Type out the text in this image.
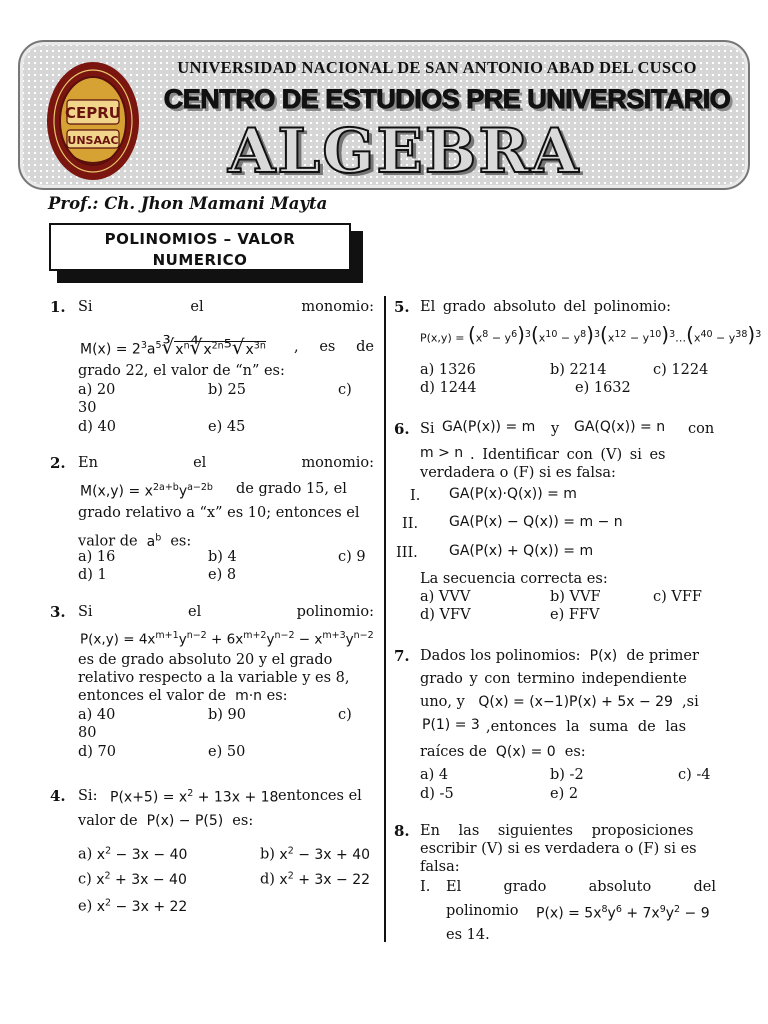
CEPRU
UNSAAC
UNIVERSIDAD NACIONAL DE SAN ANTONIO ABAD DEL CUSCO
CENTRO DE ESTUDIOS PRE UNIVERSITARIO
ALGEBRA
Prof.: Ch. Jhon Mamani Mayta
POLINOMIOS – VALOR
NUMERICO
1. Si	el	monomio:
$M(x) = 2^3a^5∛x^n∜x^{2n}^5√x^{3n}$ , es de
grado 22, el valor de “n” es:
a) 20	b) 25	c)
30
d) 40	e) 45
2. En	el	monomio:
$M(x,y) = x^{2a+b}y^{a-2b}$ de grado 15, el
grado relativo a “x” es 10; entonces el
valor de  $a^b$ es:
a) 16	b) 4	c) 9
d) 1	e) 8
3. Si	el	polinomio:
$P(x,y) = 4x^{m+1}y^{n-2} + 6x^{m+2}y^{n-2} - x^{m+3}y^{n-2}$
es de grado absoluto 20 y el grado
relativo respecto a la variable y es 8,
entonces el valor de  m·n es:
a) 40	b) 90	c)
80
d) 70	e) 50
4. Si: $P(x+5) = x^2 + 13x + 18$ entonces el
valor de  P(x) − P(5)  es:
a) $x^2 - 3x - 40$	b) $x^2 - 3x + 40$
c) $x^2 + 3x - 40$	d) $x^2 + 3x - 22$
e) $x^2 - 3x + 22$
5. El grado absoluto del polinomio:
$P(x,y) = (x^8 - y^6)^3(x^{10} - y^8)^3(x^{12}$ − $y^{10})^3\dots(x^{40} - y^{38})^3$
a) 1326	b) 2214	c) 1224
d) 1244	e) 1632
6. Si GA(P(x)) = m y GA(Q(x)) = n con
m > n . Identificar con (V) si es
verdadera o (F) si es falsa:
I. GA(P(x)·Q(x)) = m
II. GA(P(x) − Q(x)) = m − n
III. GA(P(x) + Q(x)) = m
La secuencia correcta es:
a) VVV	b) VVF	c) VFF
d) VFV	e) FFV
7. Dados los polinomios:  P(x)  de primer
grado y con termino independiente
uno, y   Q(x) = (x−1)P(x) + 5x − 29  ,si
P(1) = 3 ,entonces la suma de las
raíces de  Q(x) = 0  es:
a) 4	b) -2	c) -4
d) -5	e) 2
8. En las siguientes proposiciones
escribir (V) si es verdadera o (F) si es
falsa:
I. El	grado	absoluto	del
polinomio $P(x) = 5x^8y^6 + 7x^9y^2 - 9$
es 14.
